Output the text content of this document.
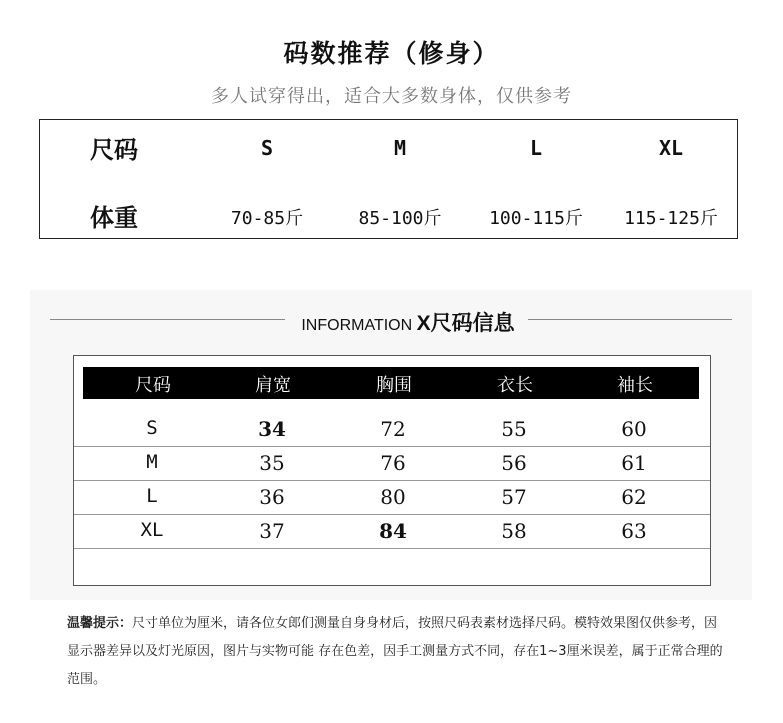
码数推荐（修身）
多人试穿得出，适合大多数身体，仅供参考
尺码	S	M	L	XL
体重	70-85斤	85-100斤	100-115斤	115-125斤
INFORMATION X尺码信息
尺码	肩宽	胸围	衣长	袖长
S	34	72	55	60
M	35	76	56	61
L	36	80	57	62
XL	37	84	58	63
温馨提示：尺寸单位为厘米，请各位女郎们测量自身身材后，按照尺码表素材选择尺码。模特效果图仅供参考，因显示器差异以及灯光原因，图片与实物可能 存在色差，因手工测量方式不同，存在1~3厘米误差，属于正常合理的范围。
